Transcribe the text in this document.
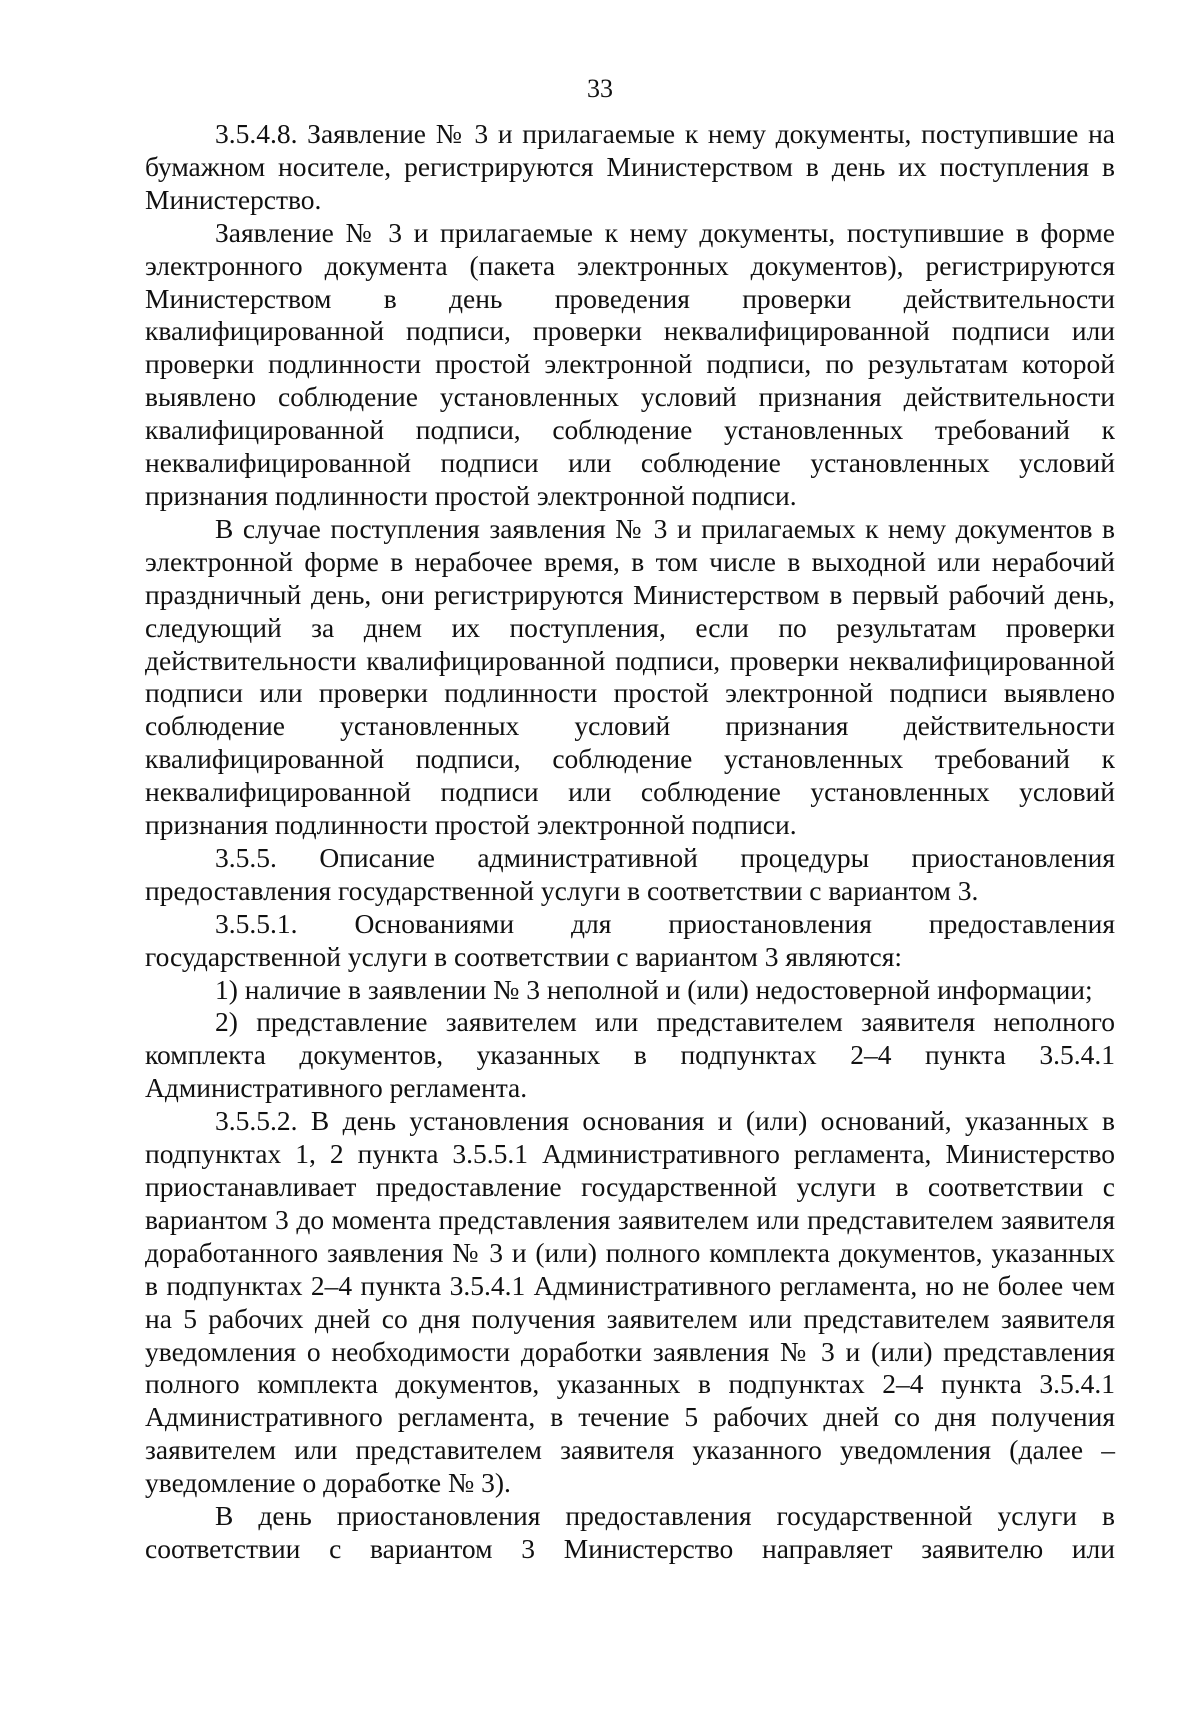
33

3.5.4.8. Заявление № 3 и прилагаемые к нему документы, поступившие на бумажном носителе, регистрируются Министерством в день их поступления в Министерство.

Заявление № 3 и прилагаемые к нему документы, поступившие в форме электронного документа (пакета электронных документов), регистрируются Министерством в день проведения проверки действительности квалифицированной подписи, проверки неквалифицированной подписи или проверки подлинности простой электронной подписи, по результатам которой выявлено соблюдение установленных условий признания действительности квалифицированной подписи, соблюдение установленных требований к неквалифицированной подписи или соблюдение установленных условий признания подлинности простой электронной подписи.

В случае поступления заявления № 3 и прилагаемых к нему документов в электронной форме в нерабочее время, в том числе в выходной или нерабочий праздничный день, они регистрируются Министерством в первый рабочий день, следующий за днем их поступления, если по результатам проверки действительности квалифицированной подписи, проверки неквалифицированной подписи или проверки подлинности простой электронной подписи выявлено соблюдение установленных условий признания действительности квалифицированной подписи, соблюдение установленных требований к неквалифицированной подписи или соблюдение установленных условий признания подлинности простой электронной подписи.

3.5.5. Описание административной процедуры приостановления предоставления государственной услуги в соответствии с вариантом 3.

3.5.5.1. Основаниями для приостановления предоставления государственной услуги в соответствии с вариантом 3 являются:

1) наличие в заявлении № 3 неполной и (или) недостоверной информации;

2) представление заявителем или представителем заявителя неполного комплекта документов, указанных в подпунктах 2–4 пункта 3.5.4.1 Административного регламента.

3.5.5.2. В день установления основания и (или) оснований, указанных в подпунктах 1, 2 пункта 3.5.5.1 Административного регламента, Министерство приостанавливает предоставление государственной услуги в соответствии с вариантом 3 до момента представления заявителем или представителем заявителя доработанного заявления № 3 и (или) полного комплекта документов, указанных в подпунктах 2–4 пункта 3.5.4.1 Административного регламента, но не более чем на 5 рабочих дней со дня получения заявителем или представителем заявителя уведомления о необходимости доработки заявления № 3 и (или) представления полного комплекта документов, указанных в подпунктах 2–4 пункта 3.5.4.1 Административного регламента, в течение 5 рабочих дней со дня получения заявителем или представителем заявителя указанного уведомления (далее – уведомление о доработке № 3).

В день приостановления предоставления государственной услуги в соответствии с вариантом 3 Министерство направляет заявителю или
